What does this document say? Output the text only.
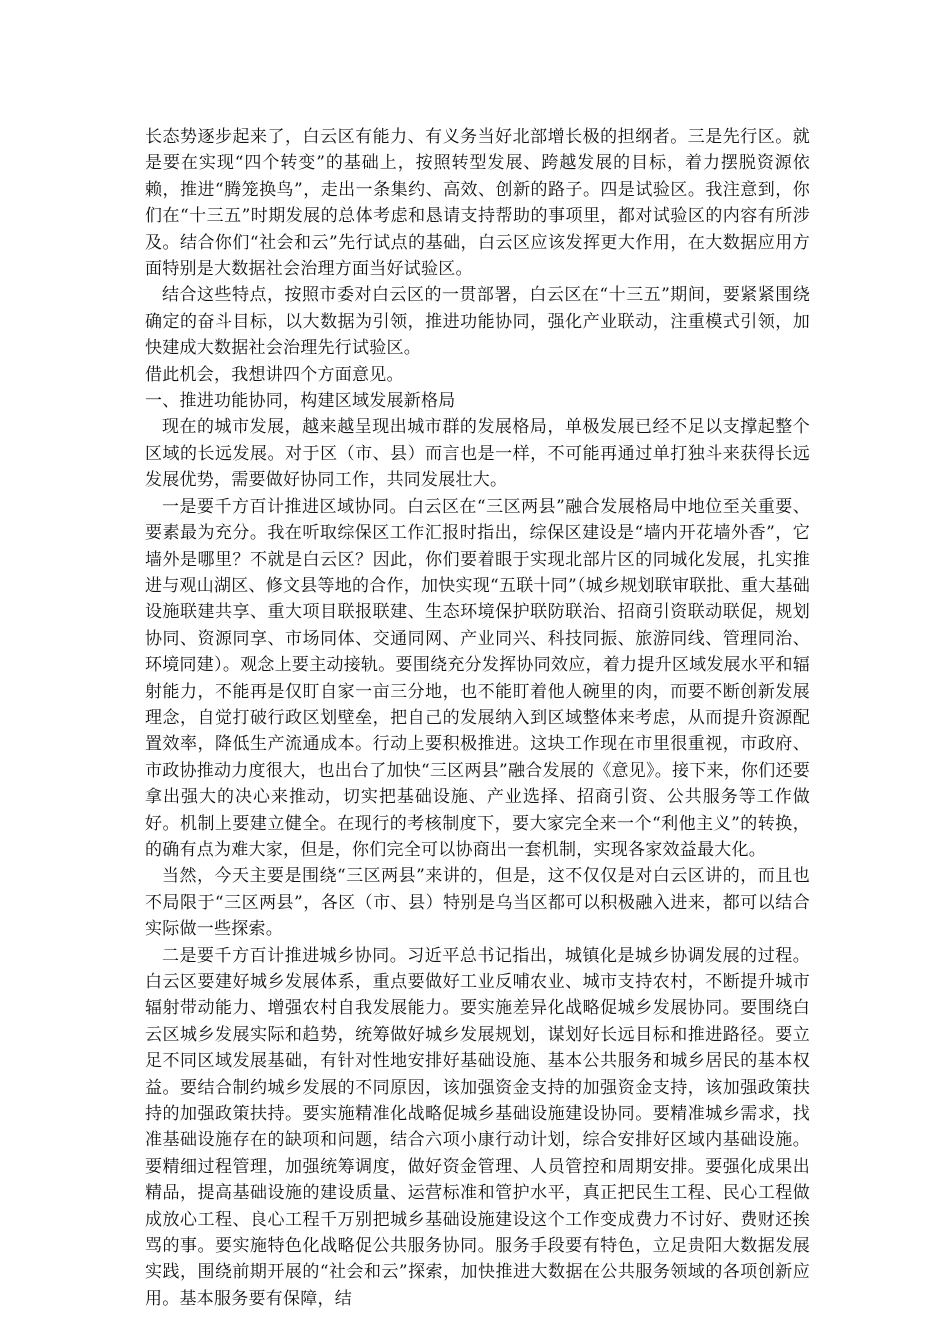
长态势逐步起来了，白云区有能力、有义务当好北部增长极的担纲者。三是先行区。就是要在实现“四个转变”的基础上，按照转型发展、跨越发展的目标，着力摆脱资源依赖，推进“腾笼换鸟”，走出一条集约、高效、创新的路子。四是试验区。我注意到，你们在“十三五”时期发展的总体考虑和恳请支持帮助的事项里，都对试验区的内容有所涉及。结合你们“社会和云”先行试点的基础，白云区应该发挥更大作用，在大数据应用方面特别是大数据社会治理方面当好试验区。

结合这些特点，按照市委对白云区的一贯部署，白云区在“十三五”期间，要紧紧围绕确定的奋斗目标，以大数据为引领，推进功能协同，强化产业联动，注重模式引领，加快建成大数据社会治理先行试验区。

借此机会，我想讲四个方面意见。

一、推进功能协同，构建区域发展新格局

现在的城市发展，越来越呈现出城市群的发展格局，单极发展已经不足以支撑起整个区域的长远发展。对于区（市、县）而言也是一样，不可能再通过单打独斗来获得长远发展优势，需要做好协同工作，共同发展壮大。

一是要千方百计推进区域协同。白云区在“三区两县”融合发展格局中地位至关重要、要素最为充分。我在听取综保区工作汇报时指出，综保区建设是“墙内开花墙外香”，它墙外是哪里？不就是白云区？因此，你们要着眼于实现北部片区的同城化发展，扎实推进与观山湖区、修文县等地的合作，加快实现“五联十同”（城乡规划联审联批、重大基础设施联建共享、重大项目联报联建、生态环境保护联防联治、招商引资联动联促，规划协同、资源同享、市场同体、交通同网、产业同兴、科技同振、旅游同线、管理同治、环境同建）。观念上要主动接轨。要围绕充分发挥协同效应，着力提升区域发展水平和辐射能力，不能再是仅盯自家一亩三分地，也不能盯着他人碗里的肉，而要不断创新发展理念，自觉打破行政区划壁垒，把自己的发展纳入到区域整体来考虑，从而提升资源配置效率，降低生产流通成本。行动上要积极推进。这块工作现在市里很重视，市政府、市政协推动力度很大，也出台了加快“三区两县”融合发展的《意见》。接下来，你们还要拿出强大的决心来推动，切实把基础设施、产业选择、招商引资、公共服务等工作做好。机制上要建立健全。在现行的考核制度下，要大家完全来一个“利他主义”的转换，的确有点为难大家，但是，你们完全可以协商出一套机制，实现各家效益最大化。

当然，今天主要是围绕“三区两县”来讲的，但是，这不仅仅是对白云区讲的，而且也不局限于“三区两县”，各区（市、县）特别是乌当区都可以积极融入进来，都可以结合实际做一些探索。

二是要千方百计推进城乡协同。习近平总书记指出，城镇化是城乡协调发展的过程。白云区要建好城乡发展体系，重点要做好工业反哺农业、城市支持农村，不断提升城市辐射带动能力、增强农村自我发展能力。要实施差异化战略促城乡发展协同。要围绕白云区城乡发展实际和趋势，统筹做好城乡发展规划，谋划好长远目标和推进路径。要立足不同区域发展基础，有针对性地安排好基础设施、基本公共服务和城乡居民的基本权益。要结合制约城乡发展的不同原因，该加强资金支持的加强资金支持，该加强政策扶持的加强政策扶持。要实施精准化战略促城乡基础设施建设协同。要精准城乡需求，找准基础设施存在的缺项和问题，结合六项小康行动计划，综合安排好区域内基础设施。要精细过程管理，加强统筹调度，做好资金管理、人员管控和周期安排。要强化成果出精品，提高基础设施的建设质量、运营标准和管护水平，真正把民生工程、民心工程做成放心工程、良心工程千万别把城乡基础设施建设这个工作变成费力不讨好、费财还挨骂的事。要实施特色化战略促公共服务协同。服务手段要有特色，立足贵阳大数据发展实践，围绕前期开展的“社会和云”探索，加快推进大数据在公共服务领域的各项创新应用。基本服务要有保障，结
